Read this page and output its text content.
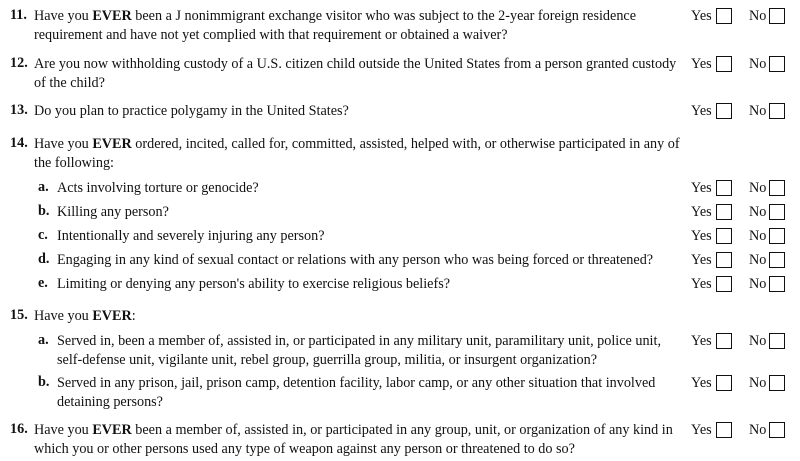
11. Have you EVER been a J nonimmigrant exchange visitor who was subject to the 2-year foreign residence requirement and have not yet complied with that requirement or obtained a waiver?
Yes	No
12. Are you now withholding custody of a U.S. citizen child outside the United States from a person granted custody of the child?
Yes	No
13. Do you plan to practice polygamy in the United States?	Yes	No
14. Have you EVER ordered, incited, called for, committed, assisted, helped with, or otherwise participated in any of the following:
a. Acts involving torture or genocide?	Yes	No
b. Killing any person?	Yes	No
c. Intentionally and severely injuring any person?	Yes	No
d. Engaging in any kind of sexual contact or relations with any person who was being forced or threatened?	Yes	No
e. Limiting or denying any person's ability to exercise religious beliefs?	Yes	No
15. Have you EVER:
a. Served in, been a member of, assisted in, or participated in any military unit, paramilitary unit, police unit, self-defense unit, vigilante unit, rebel group, guerrilla group, militia, or insurgent organization?
Yes	No
b. Served in any prison, jail, prison camp, detention facility, labor camp, or any other situation that involved detaining persons?
Yes	No
16. Have you EVER been a member of, assisted in, or participated in any group, unit, or organization of any kind in which you or other persons used any type of weapon against any person or threatened to do so?
Yes	No
